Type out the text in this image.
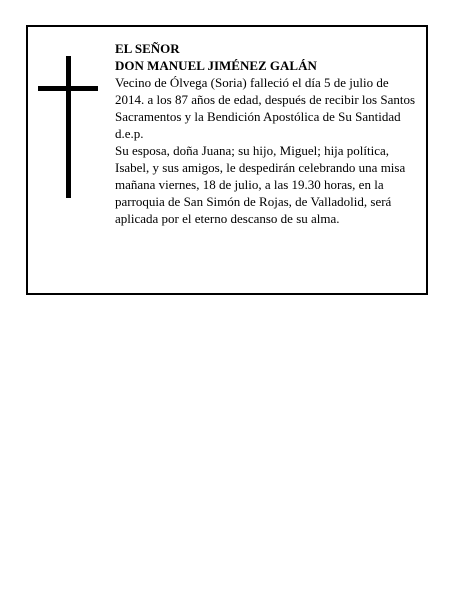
EL SEÑOR

DON MANUEL JIMÉNEZ GALÁN

Vecino de Ólvega (Soria) falleció el día 5 de julio de 2014. a los 87 años de edad, después de recibir los Santos Sacramentos y la Bendición Apostólica de Su Santidad

d.e.p.

Su esposa, doña Juana; su hijo, Miguel; hija política, Isabel, y sus amigos, le despedirán celebrando una misa mañana viernes, 18 de julio, a las 19.30 horas, en la parroquia de San Simón de Rojas, de Valladolid, será aplicada por el eterno descanso de su alma.
